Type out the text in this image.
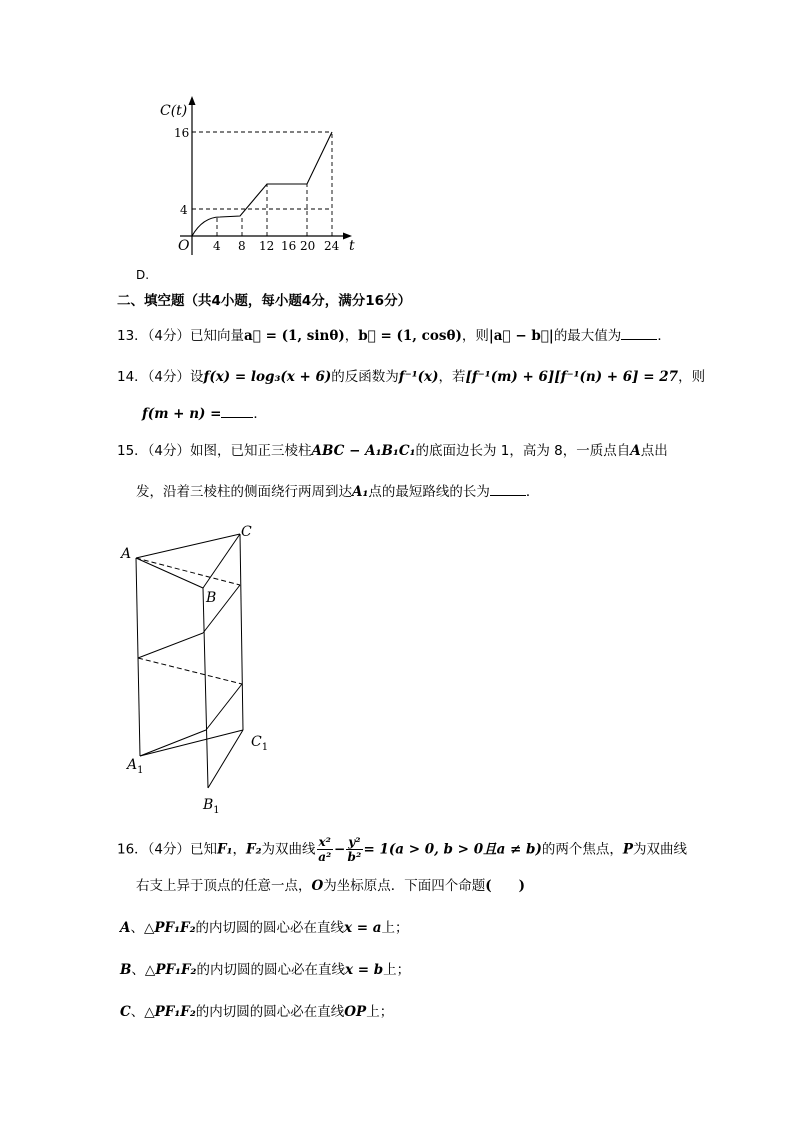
C(t)
16
4
O 4 8 12 16 20 24 t
D.
二、填空题（共4小题，每小题4分，满分16分）
13．（4分）已知向量a⃗ = (1, sinθ)，b⃗ = (1, cosθ)，则|a⃗ − b⃗|的最大值为	．
14．（4分）设f(x) = log₃(x + 6)的反函数为f⁻¹(x)，若[f⁻¹(m) + 6][f⁻¹(n) + 6] = 27，则
f(m + n) = ．
15．（4分）如图，已知正三棱柱ABC − A₁B₁C₁的底面边长为 1，高为 8，一质点自A点出
发，沿着三棱柱的侧面绕行两周到达A₁点的最短路线的长为	．
A
C
B
$C_1$
$A_1$
$B_1$
16．（4分）已知F₁，F₂为双曲线 $\frac{\text{x²}}{\text{a²}} - \frac{\text{y²}}{\text{b²}} = 1(a > 0$, b > 0且a ≠ b)的两个焦点，P为双曲线
右支上异于顶点的任意一点，O为坐标原点．下面四个命题(　　)
A、△PF₁F₂的内切圆的圆心必在直线x = a上；
B、△PF₁F₂的内切圆的圆心必在直线x = b上；
C、△PF₁F₂的内切圆的圆心必在直线OP上；
